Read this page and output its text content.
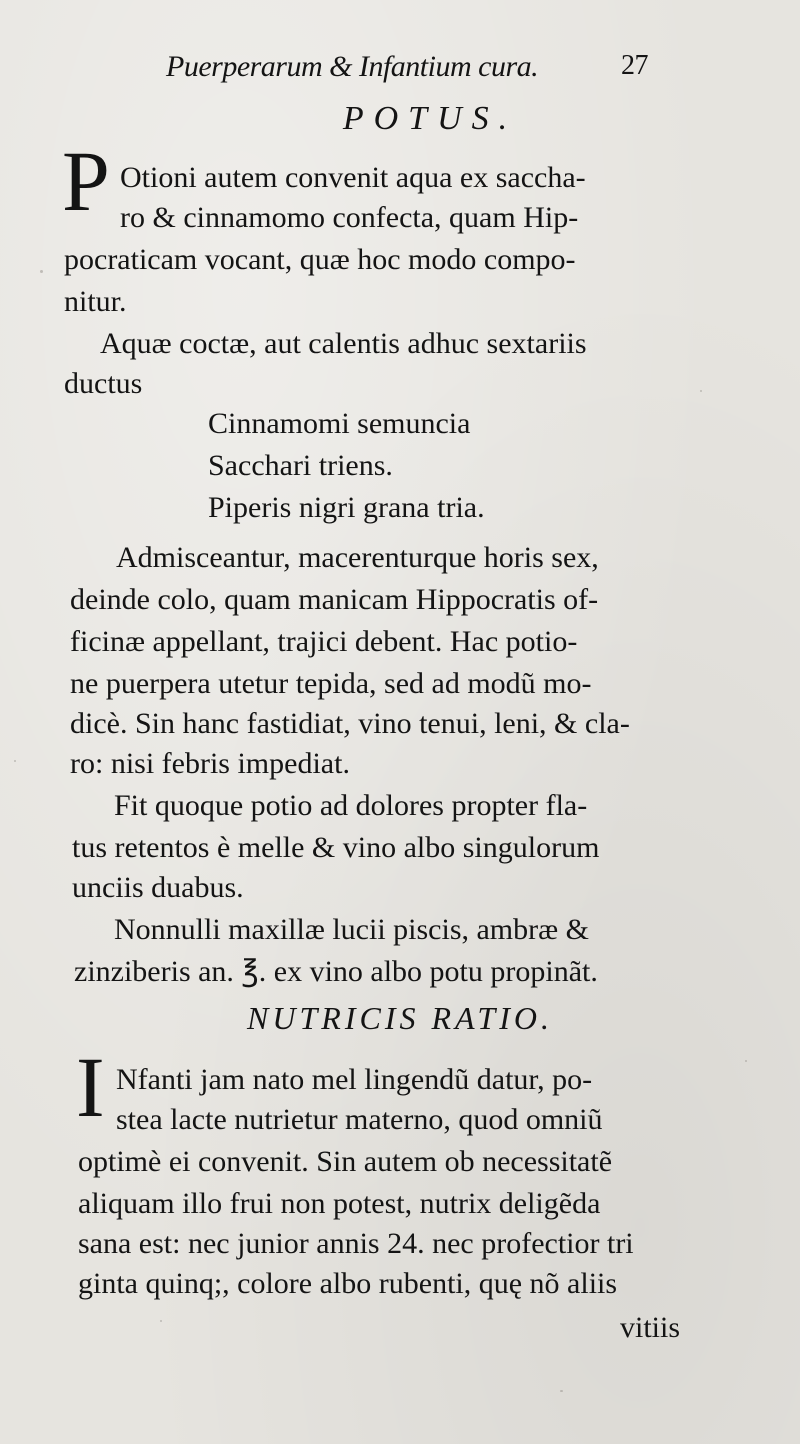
Puerperarum & Infantium cura.	27
POTUS.
P Otioni autem convenit aqua ex saccha-
ro & cinnamomo confecta, quam Hip-
pocraticam vocant, quæ hoc modo compo-
nitur.
Aquæ coctæ, aut calentis adhuc sextariis
ductus
Cinnamomi semuncia
Sacchari triens.
Piperis nigri grana tria.
Admisceantur, macerenturque horis sex,
deinde colo, quam manicam Hippocratis of-
ficinæ appellant, trajici debent. Hac potio-
ne puerpera utetur tepida, sed ad modũ mo-
dicè. Sin hanc fastidiat, vino tenui, leni, & cla-
ro: nisi febris impediat.
Fit quoque potio ad dolores propter fla-
tus retentos è melle & vino albo singulorum
unciis duabus.
Nonnulli maxillæ lucii piscis, ambræ &
zinziberis an. ℥. ex vino albo potu propinãt.
NUTRICIS RATIO.
I Nfanti jam nato mel lingendũ datur, po-
stea lacte nutrietur materno, quod omniũ
optimè ei convenit. Sin autem ob necessitatẽ
aliquam illo frui non potest, nutrix deligẽda
sana est: nec junior annis 24. nec profectior tri
ginta quinq;, colore albo rubenti, quę nõ aliis
vitiis
